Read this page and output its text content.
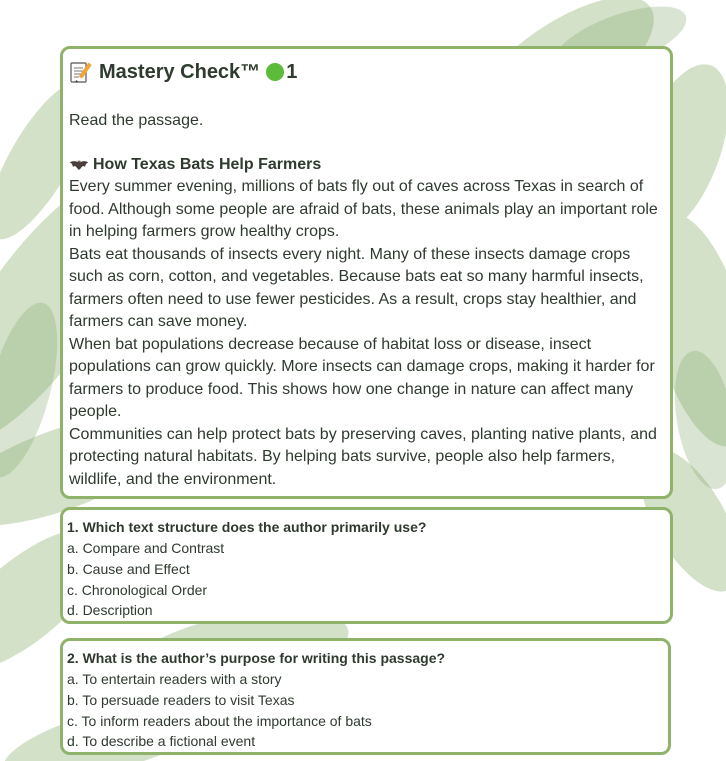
Mastery Check™ 1
Read the passage.
How Texas Bats Help Farmers

Every summer evening, millions of bats fly out of caves across Texas in search of food. Although some people are afraid of bats, these animals play an important role in helping farmers grow healthy crops.

Bats eat thousands of insects every night. Many of these insects damage crops such as corn, cotton, and vegetables. Because bats eat so many harmful insects, farmers often need to use fewer pesticides. As a result, crops stay healthier, and farmers can save money.

When bat populations decrease because of habitat loss or disease, insect populations can grow quickly. More insects can damage crops, making it harder for farmers to produce food. This shows how one change in nature can affect many people.

Communities can help protect bats by preserving caves, planting native plants, and protecting natural habitats. By helping bats survive, people also help farmers, wildlife, and the environment.

1. Which text structure does the author primarily use?
a. Compare and Contrast
b. Cause and Effect
c. Chronological Order
d. Description
2. What is the author’s purpose for writing this passage?
a. To entertain readers with a story
b. To persuade readers to visit Texas
c. To inform readers about the importance of bats
d. To describe a fictional event
